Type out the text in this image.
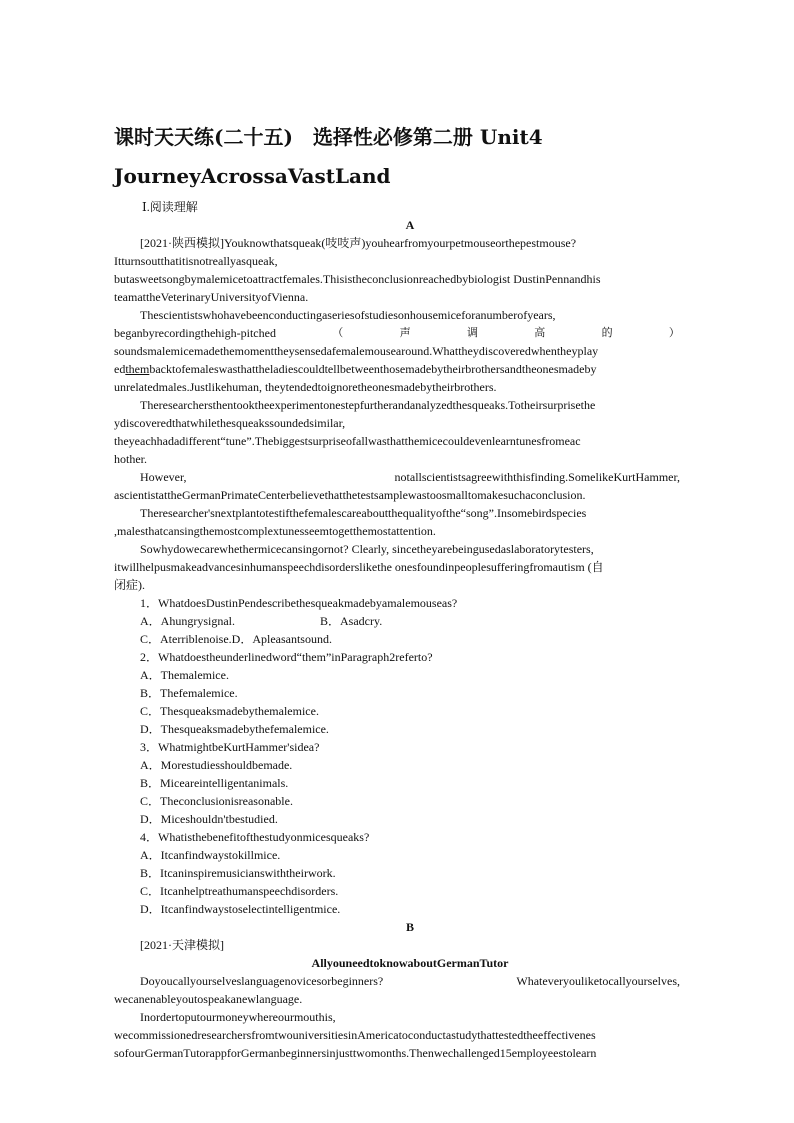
课时天天练(二十五)　选择性必修第二册 Unit4
JourneyAcrossaVastLand
Ⅰ.阅读理解
A
[2021·陕西模拟]Youknowthatsqueak(吱吱声)youhearfromyourpetmouseorthepestmouse?
Itturnsoutthatitisnotreallyasqueak,
butasweetsongbymalemicetoattractfemales.Thisistheconclusionreachedbybiologist DustinPennandhis
teamattheVeterinaryUniversityofVienna.
Thescientistswhohavebeenconductingaseriesofstudiesonhousemiceforanumberofyears,
beganbyrecordingthehigh-pitched	（	声	调	高	的	）
soundsmalemicemadethemomenttheysensedafemalemousearound.Whattheydiscoveredwhentheyplay
edthembacktofemaleswasthattheladiescouldtellbetweenthosemadebytheirbrothersandtheonesmadeby
unrelatedmales.Justlikehuman, theytendedtoignoretheonesmadebytheirbrothers.
Theresearchersthentooktheexperimentonestepfurtherandanalyzedthesqueaks.Totheirsurprisethe
ydiscoveredthatwhilethesqueakssoundedsimilar,
theyeachhadadifferent“tune”.Thebiggestsurpriseofallwasthatthemicecouldevenlearntunesfromeac
hother.
However,	notallscientistsagreewiththisfinding.SomelikeKurtHammer,
ascientistattheGermanPrimateCenterbelievethatthetestsamplewastoosmalltomakesuchaconclusion.
Theresearcher'snextplantotestifthefemalescareaboutthequalityofthe“song”.Insomebirdspecies
,malesthatcansingthemostcomplextunesseemtogetthemostattention.
Sowhydowecarewhethermicecansingornot? Clearly, sincetheyarebeingusedaslaboratorytesters,
itwillhelpusmakeadvancesinhumanspeechdisorderslikethe onesfoundinpeoplesufferingfromautism (自
闭症).
1．WhatdoesDustinPendescribethesqueakmadebyamalemouseas?
A．Ahungrysignal.	B．Asadcry.
C．Aterriblenoise.D．Apleasantsound.
2．Whatdoestheunderlinedword“them”inParagraph2referto?
A．Themalemice.
B．Thefemalemice.
C．Thesqueaksmadebythemalemice.
D．Thesqueaksmadebythefemalemice.
3．WhatmightbeKurtHammer'sidea?
A．Morestudiesshouldbemade.
B．Miceareintelligentanimals.
C．Theconclusionisreasonable.
D．Miceshouldn'tbestudied.
4．Whatisthebenefitofthestudyonmicesqueaks?
A．Itcanfindwaystokillmice.
B．Itcaninspiremusicianswiththeirwork.
C．Itcanhelptreathumanspeechdisorders.
D．Itcanfindwaystoselectintelligentmice.
B
[2021·天津模拟]
AllyouneedtoknowaboutGermanTutor
Doyoucallyourselveslanguagenovicesorbeginners?	Whateveryouliketocallyourselves,
wecanenableyoutospeakanewlanguage.
Inordertoputourmoneywhereourmouthis,
wecommissionedresearchersfromtwouniversitiesinAmericatoconductastudythattestedtheeffectivenes
sofourGermanTutorappforGermanbeginnersinjusttwomonths.Thenwechallenged15employeestolearn
